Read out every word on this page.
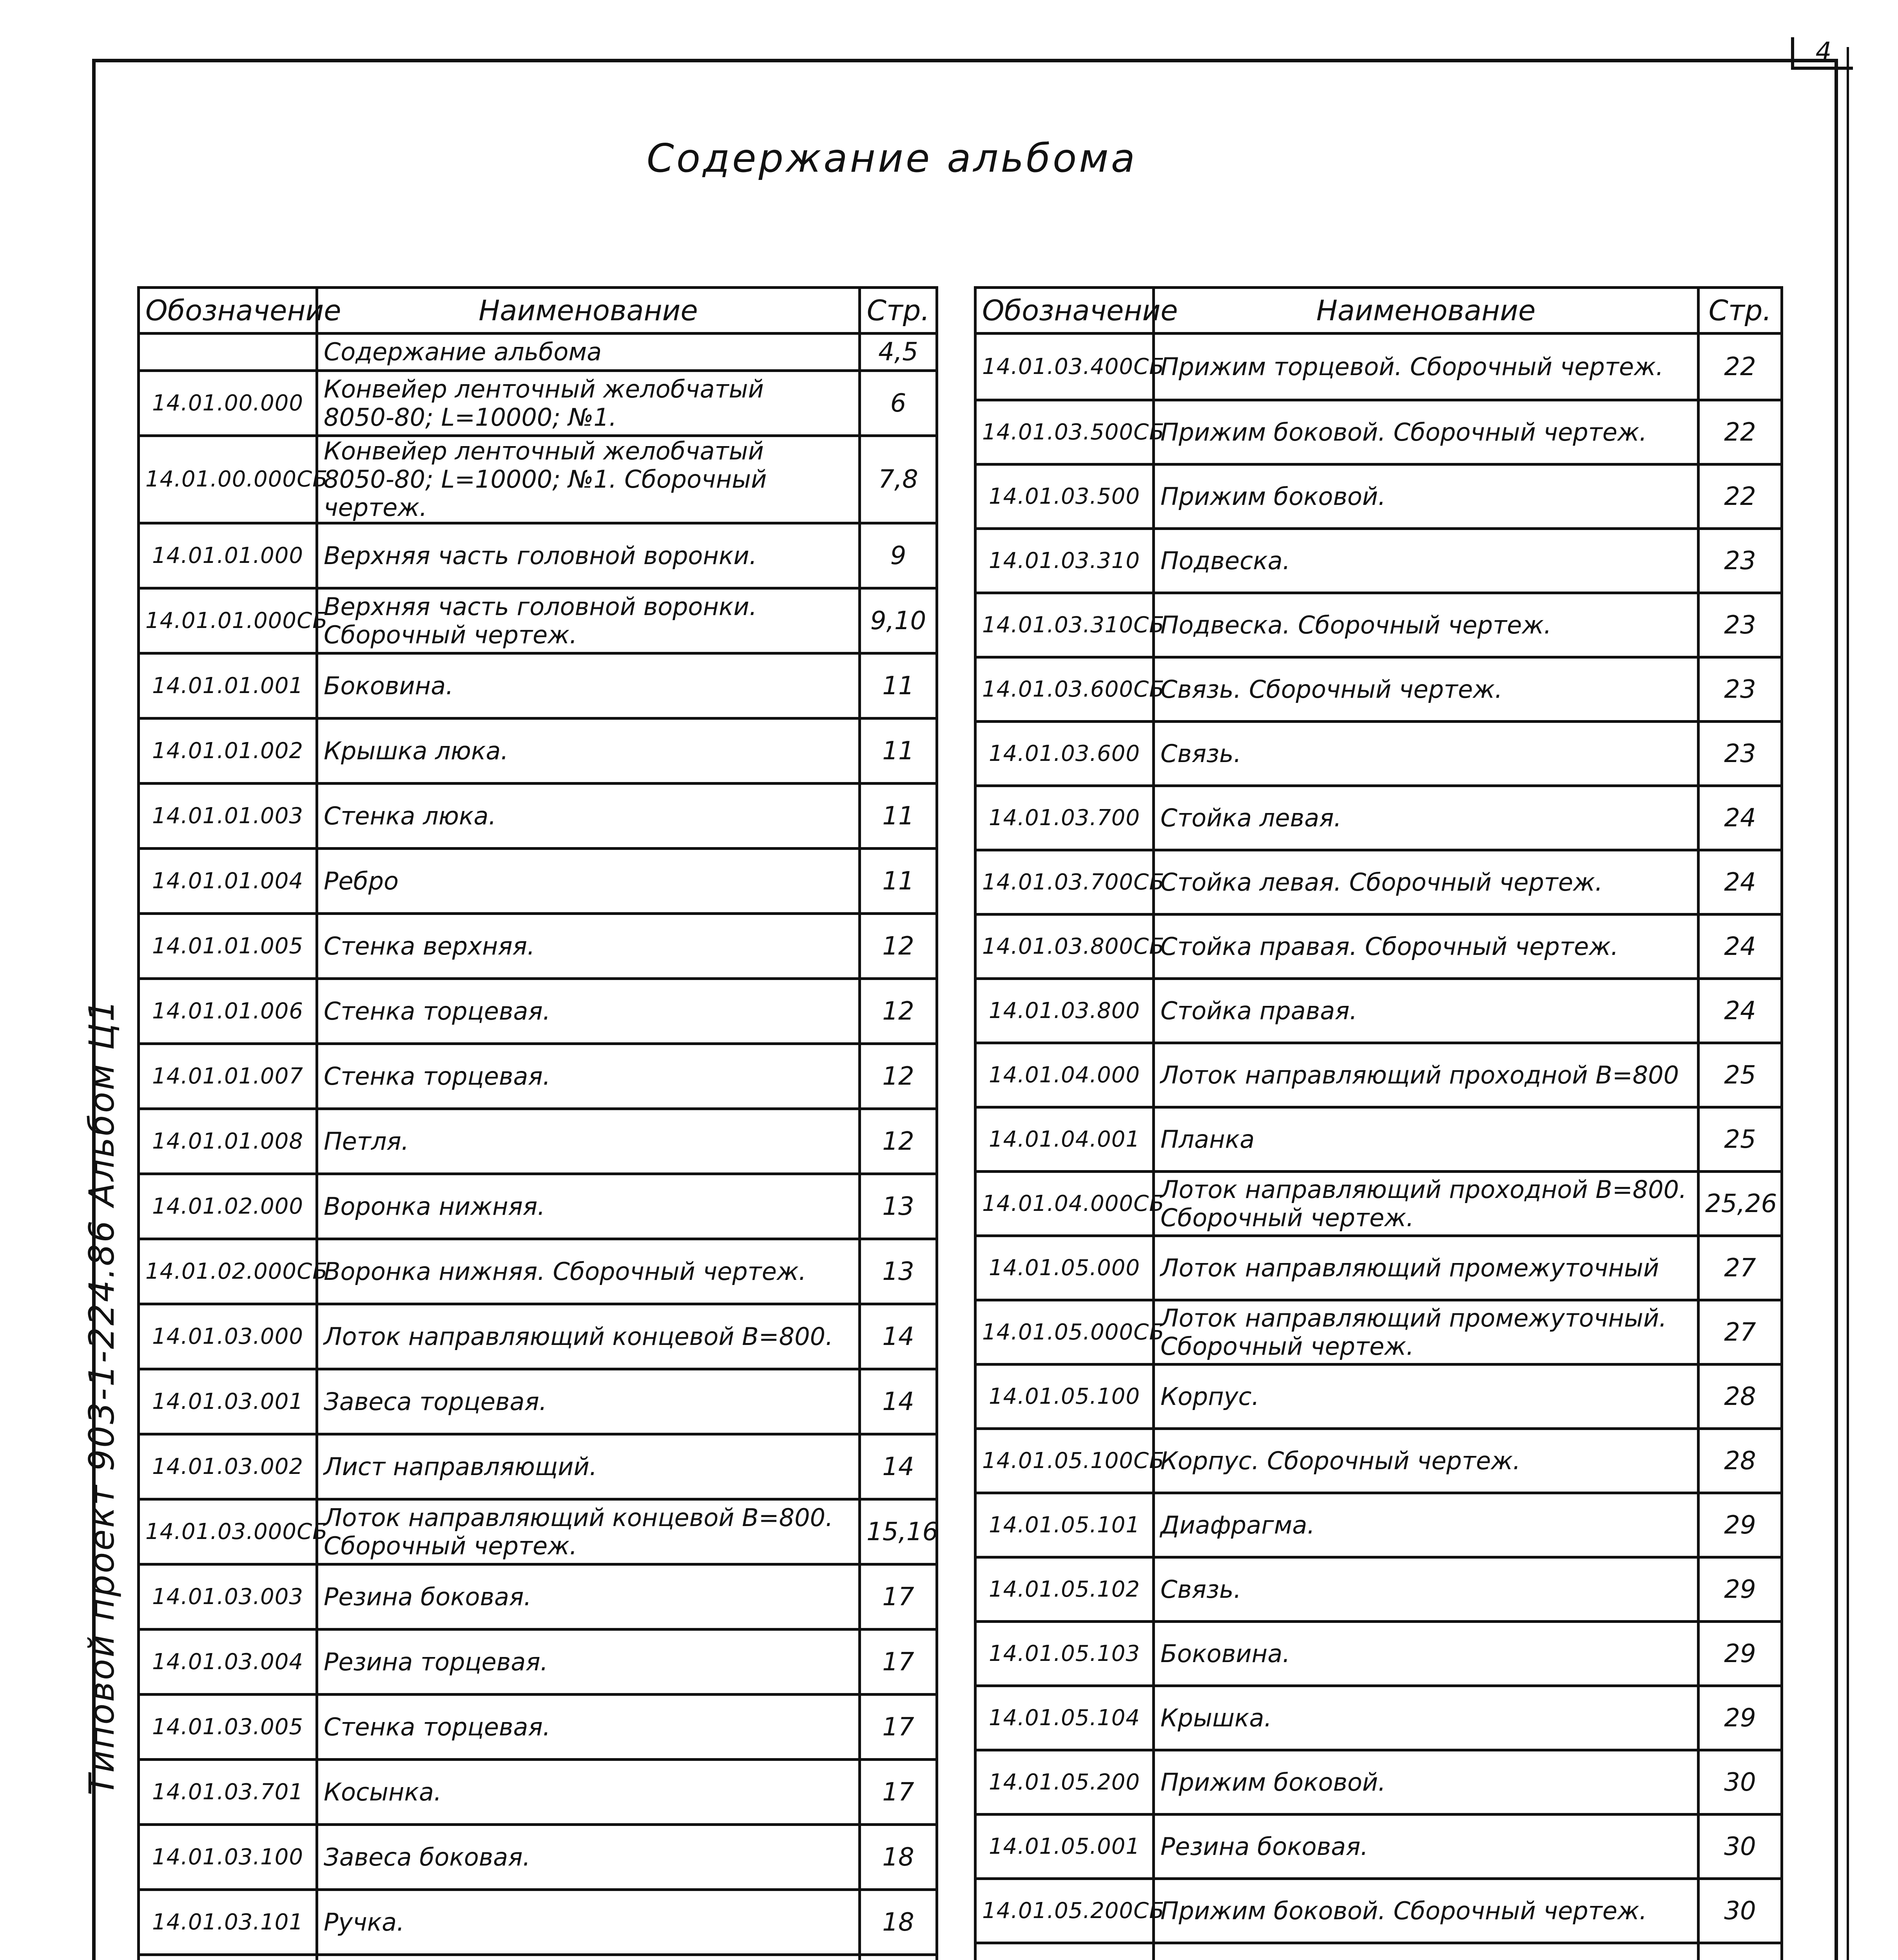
4
Содержание альбома
Типовой проект 903-1-224.86 Альбом Ц1
Обозначение	Наименование	Стр.
	Содержание альбома	4,5
14.01.00.000	Конвейер ленточный желобчатый
8050-80; L=10000; №1.	6
14.01.00.000СБ	Конвейер ленточный желобчатый
8050-80; L=10000; №1. Сборочный чертеж.	7,8
14.01.01.000	Верхняя часть головной воронки.	9
14.01.01.000СБ	Верхняя часть головной воронки.
Сборочный чертеж.	9,10
14.01.01.001	Боковина.	11
14.01.01.002	Крышка люка.	11
14.01.01.003	Стенка люка.	11
14.01.01.004	Ребро	11
14.01.01.005	Стенка верхняя.	12
14.01.01.006	Стенка торцевая.	12
14.01.01.007	Стенка торцевая.	12
14.01.01.008	Петля.	12
14.01.02.000	Воронка нижняя.	13
14.01.02.000СБ	Воронка нижняя. Сборочный чертеж.	13
14.01.03.000	Лоток направляющий концевой B=800.	14
14.01.03.001	Завеса торцевая.	14
14.01.03.002	Лист направляющий.	14
14.01.03.000СБ	Лоток направляющий концевой B=800.
Сборочный чертеж.	15,16
14.01.03.003	Резина боковая.	17
14.01.03.004	Резина торцевая.	17
14.01.03.005	Стенка торцевая.	17
14.01.03.701	Косынка.	17
14.01.03.100	Завеса боковая.	18
14.01.03.101	Ручка.	18

Обозначение	Наименование	Стр.
14.01.03.400СБ	Прижим торцевой. Сборочный чертеж.	22
14.01.03.500СБ	Прижим боковой. Сборочный чертеж.	22
14.01.03.500	Прижим боковой.	22
14.01.03.310	Подвеска.	23
14.01.03.310СБ	Подвеска. Сборочный чертеж.	23
14.01.03.600СБ	Связь. Сборочный чертеж.	23
14.01.03.600	Связь.	23
14.01.03.700	Стойка левая.	24
14.01.03.700СБ	Стойка левая. Сборочный чертеж.	24
14.01.03.800СБ	Стойка правая. Сборочный чертеж.	24
14.01.03.800	Стойка правая.	24
14.01.04.000	Лоток направляющий проходной B=800	25
14.01.04.001	Планка	25
14.01.04.000СБ	Лоток направляющий проходной B=800.
Сборочный чертеж.	25,26
14.01.05.000	Лоток направляющий промежуточный	27
14.01.05.000СБ	Лоток направляющий промежуточный.
Сборочный чертеж.	27
14.01.05.100	Корпус.	28
14.01.05.100СБ	Корпус. Сборочный чертеж.	28
14.01.05.101	Диафрагма.	29
14.01.05.102	Связь.	29
14.01.05.103	Боковина.	29
14.01.05.104	Крышка.	29
14.01.05.200	Прижим боковой.	30
14.01.05.001	Резина боковая.	30
14.01.05.200СБ	Прижим боковой. Сборочный чертеж.	30
